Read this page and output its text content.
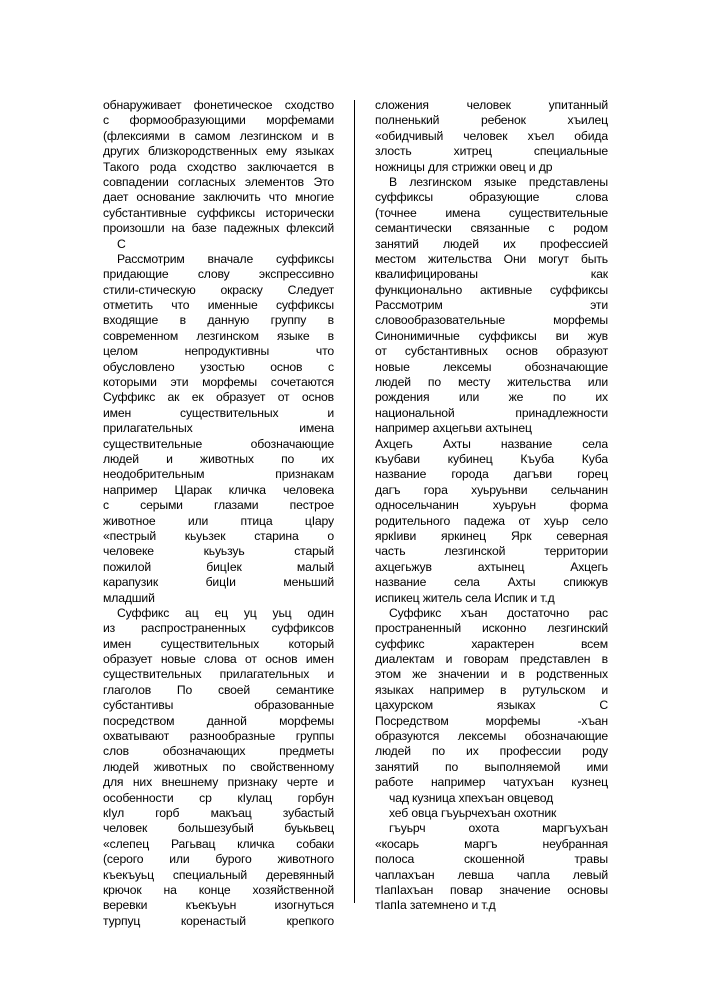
обнаруживает фонетическое сходство
с формообразующими морфемами
(флексиями в самом лезгинском и в
других близкородственных ему языках
Такого рода сходство заключается в
совпадении согласных элементов Это
дает основание заключить что многие
субстантивные суффиксы исторически
произошли на базе падежных флексий
С
Рассмотрим вначале суффиксы
придающие слову экспрессивно
стили-стическую окраску Следует
отметить что именные суффиксы
входящие в данную группу в
современном лезгинском языке в
целом непродуктивны что
обусловлено узостью основ с
которыми эти морфемы сочетаются
Суффикс ак ек образует от основ
имен существительных и
прилагательных имена
существительные обозначающие
людей и животных по их
неодобрительным признакам
например ЦIарак кличка человека
с серыми глазами пестрое
животное или птица цIару
«пестрый кьуьзек старина о
человеке кьуьзуь старый
пожилой бицIек малый
карапузик бицIи меньший
младший
Суффикс ац ец уц уьц один
из распространенных суффиксов
имен существительных который
образует новые слова от основ имен
существительных прилагательных и
глаголов По своей семантике
субстантивы образованные
посредством данной морфемы
охватывают разнообразные группы
слов обозначающих предметы
людей животных по свойственному
для них внешнему признаку черте и
особенности ср кIулац горбун
кIул горб макъац зубастый
человек большезубый буькьвец
«слепец Рагьвац кличка собаки
(серого или бурого животного
къекъуьц специальный деревянный
крючок на конце хозяйственной
веревки къекъуьн изогнуться
турпуц коренастый крепкого
сложения человек упитанный
полненький ребенок хъилец
«обидчивый человек хъел обида
злость хитрец специальные
ножницы для стрижки овец и др
В лезгинском языке представлены
суффиксы образующие слова
(точнее имена существительные
семантически связанные с родом
занятий людей их профессией
местом жительства Они могут быть
квалифицированы как
функционально активные суффиксы
Рассмотрим эти
словообразовательные морфемы
Синонимичные суффиксы ви жув
от субстантивных основ образуют
новые лексемы обозначающие
людей по месту жительства или
рождения или же по их
национальной принадлежности
например ахцегьви ахтынец
Ахцегь Ахты название села
къубави кубинец Къуба Куба
название города дагъви горец
дагъ гора хуьруьнви сельчанин
односельчанин хуьруьн форма
родительного падежа от хуьр село
яркIиви яркинец Ярк северная
часть лезгинской территории
ахцегьжув ахтынец Ахцегь
название села Ахты спикжув
испикец житель села Испик и т.д
Суффикс хъан достаточно рас
пространенный исконно лезгинский
суффикс характерен всем
диалектам и говорам представлен в
этом же значении и в родственных
языках например в рутульском и
цахурском языках С
Посредством морфемы -хъан
образуются лексемы обозначающие
людей по их профессии роду
занятий по выполняемой ими
работе например чатухъан кузнец
чад кузница хпехъан овцевод
хеб овца гъуьрчехъан охотник
гъуьрч охота маргъухъан
«косарь маргъ неубранная
полоса скошенной травы
чаплахъан левша чапла левый
тIапIахъан повар значение основы
тIапIа затемнено и т.д
